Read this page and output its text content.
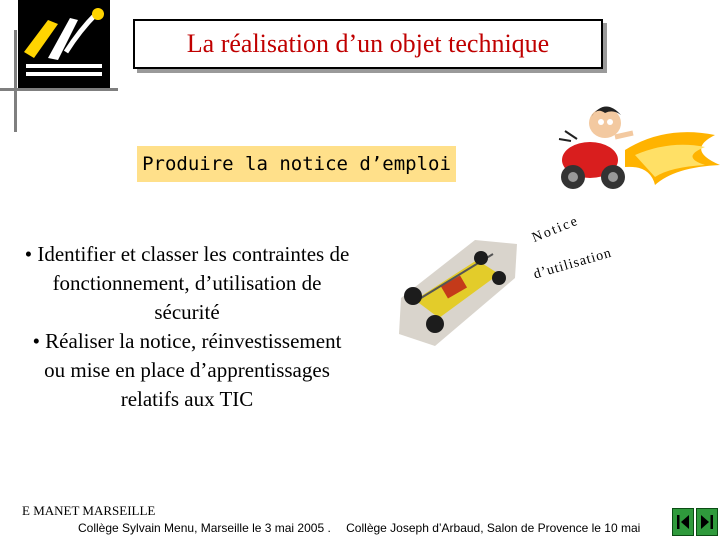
La réalisation d’un objet technique
Produire la notice d’emploi

• Identifier et classer les contraintes de fonctionnement, d’utilisation de sécurité

• Réaliser la notice, réinvestissement ou mise en place d’apprentissages relatifs aux TIC

Notice
d’utilisation
E MANET MARSEILLE
Collège Sylvain Menu, Marseille le 3 mai 2005 . Collège Joseph d’Arbaud, Salon de Provence le 10 mai
